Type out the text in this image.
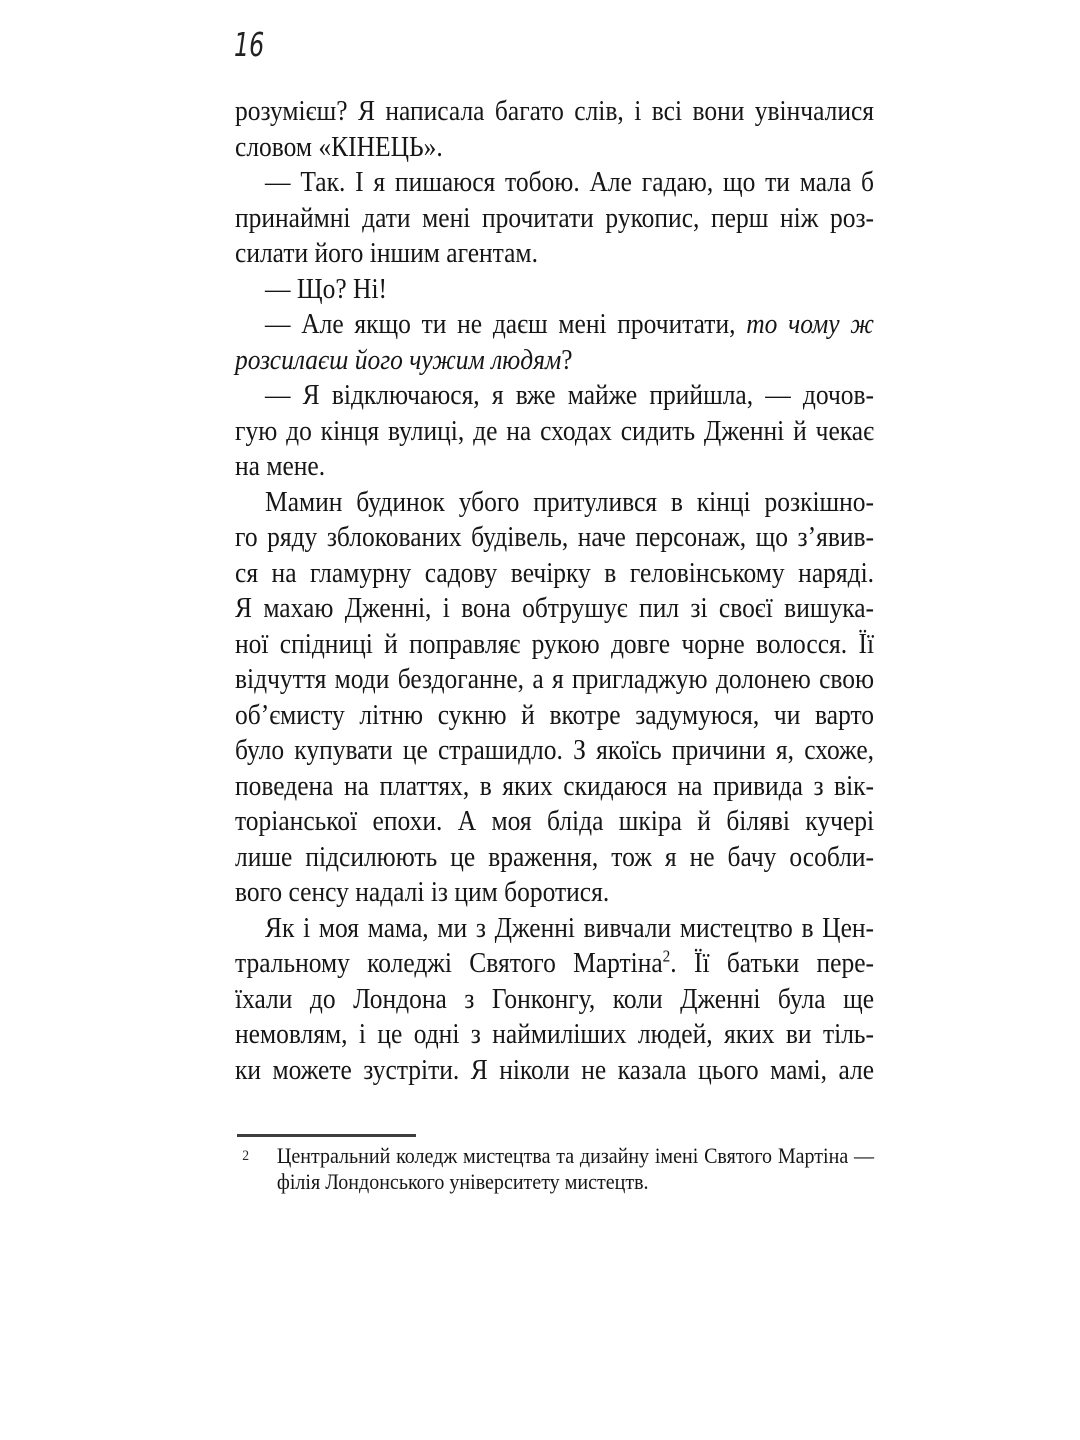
16
розумієш? Я написала багато слів, і всі вони увінчалися
словом «КІНЕЦЬ».
— Так. І я пишаюся тобою. Але гадаю, що ти мала б
принаймні дати мені прочитати рукопис, перш ніж роз-
силати його іншим агентам.
— Що? Ні!
— Але якщо ти не даєш мені прочитати, то чому ж
розсилаєш його чужим людям?
— Я відключаюся, я вже майже прийшла, — дочов-
гую до кінця вулиці, де на сходах сидить Дженні й чекає
на мене.
Мамин будинок убого притулився в кінці розкішно-
го ряду зблокованих будівель, наче персонаж, що з’явив-
ся на гламурну садову вечірку в геловінському наряді.
Я махаю Дженні, і вона обтрушує пил зі своєї вишука-
ної спідниці й поправляє рукою довге чорне волосся. Її
відчуття моди бездоганне, а я пригладжую долонею свою
об’ємисту літню сукню й вкотре задумуюся, чи варто
було купувати це страшидло. З якоїсь причини я, схоже,
поведена на платтях, в яких скидаюся на привида з вік-
торіанської епохи. А моя бліда шкіра й біляві кучері
лише підсилюють це враження, тож я не бачу особли-
вого сенсу надалі із цим боротися.
Як і моя мама, ми з Дженні вивчали мистецтво в Цен-
тральному коледжі Святого Мартіна$^2$. Її батьки пере-
їхали до Лондона з Гонконгу, коли Дженні була ще
немовлям, і це одні з наймиліших людей, яких ви тіль-
ки можете зустріти. Я ніколи не казала цього мамі, але
2 Центральний коледж мистецтва та дизайну імені Святого Мартіна —
філія Лондонського університету мистецтв.
